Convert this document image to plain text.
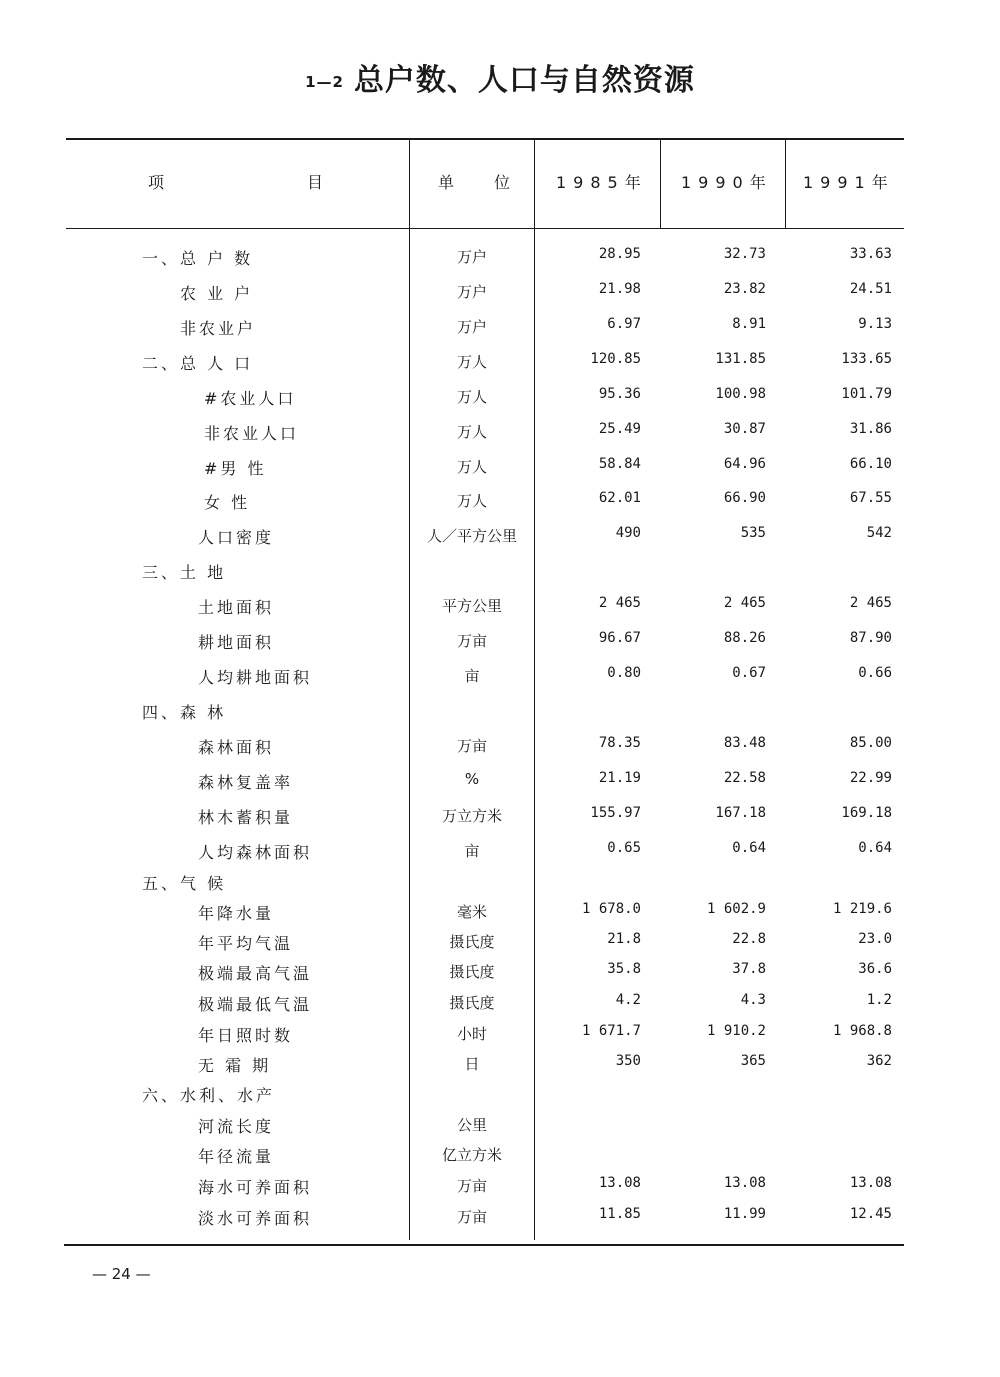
1—2 总户数、人口与自然资源
项	目	单 位	1985年 1990年 1991年
一、总 户 数	万户	28.95	32.73	33.63
农 业 户	万户	21.98	23.82	24.51
非农业户	万户	6.97	8.91	9.13
二、总 人 口	万人	120.85	131.85	133.65
#农业人口	万人	95.36	100.98	101.79
非农业人口	万人	25.49	30.87	31.86
#男 性	万人	58.84	64.96	66.10
女 性	万人	62.01	66.90	67.55
人口密度	人／平方公里	490	535	542
三、土 地
土地面积	平方公里	2 465	2 465	2 465
耕地面积	万亩	96.67	88.26	87.90
人均耕地面积	亩	0.80	0.67	0.66
四、森 林
森林面积	万亩	78.35	83.48	85.00
森林复盖率	%	21.19	22.58	22.99
林木蓄积量	万立方米	155.97	167.18	169.18
人均森林面积	亩	0.65	0.64	0.64
五、气 候
年降水量	毫米	1 678.0	1 602.9	1 219.6
年平均气温	摄氏度	21.8	22.8	23.0
极端最高气温	摄氏度	35.8	37.8	36.6
极端最低气温	摄氏度	4.2	4.3	1.2
年日照时数	小时	1 671.7	1 910.2	1 968.8
无 霜 期	日	350	365	362
六、水利、水产
河流长度	公里
年径流量	亿立方米
海水可养面积	万亩	13.08	13.08	13.08
淡水可养面积	万亩	11.85	11.99	12.45
— 24 —
